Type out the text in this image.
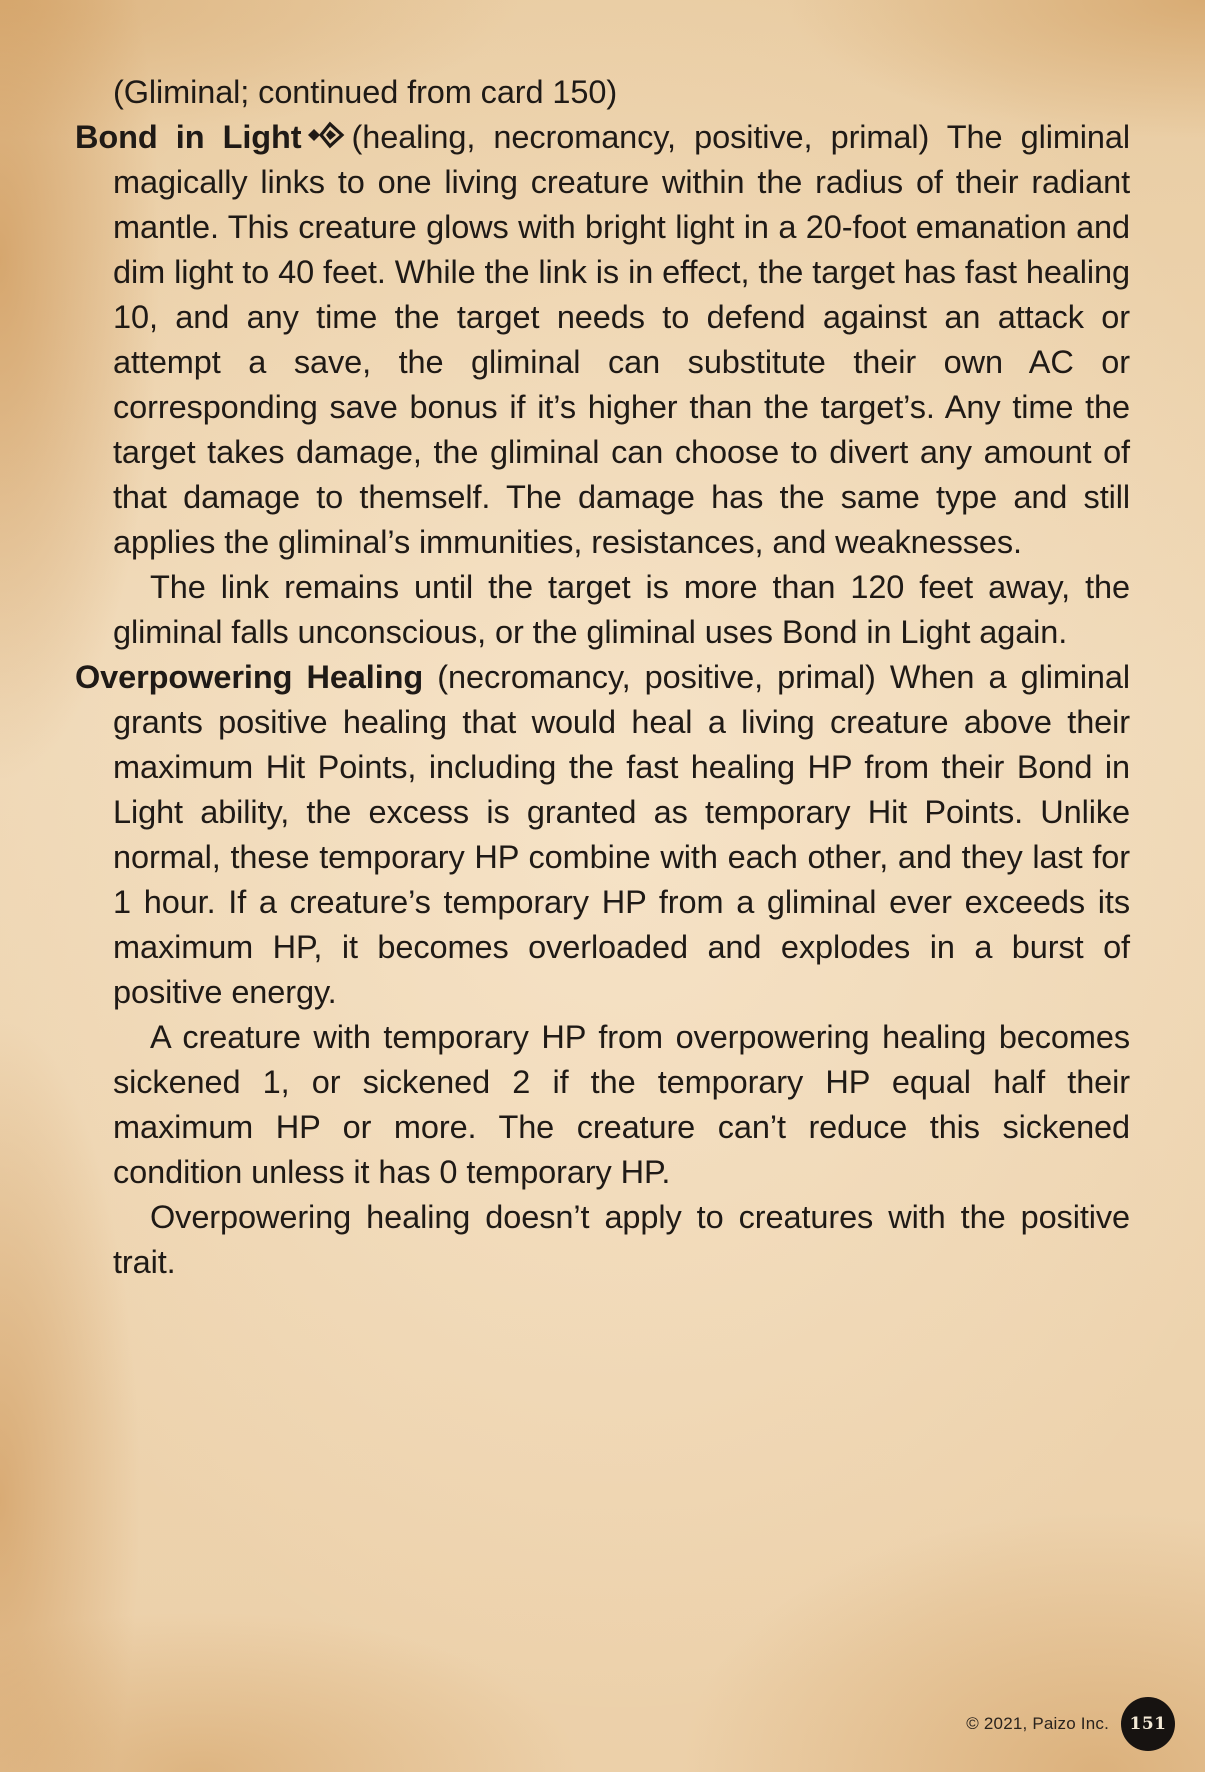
(Gliminal; continued from card 150)

Bond in Light (healing, necromancy, positive, primal) The gliminal magically links to one living creature within the radius of their radiant mantle. This creature glows with bright light in a 20-foot emanation and dim light to 40 feet. While the link is in effect, the target has fast healing 10, and any time the target needs to defend against an attack or attempt a save, the gliminal can substitute their own AC or corresponding save bonus if it’s higher than the target’s. Any time the target takes damage, the gliminal can choose to divert any amount of that damage to themself. The damage has the same type and still applies the gliminal’s immunities, resistances, and weaknesses.

The link remains until the target is more than 120 feet away, the gliminal falls unconscious, or the gliminal uses Bond in Light again.

Overpowering Healing (necromancy, positive, primal) When a gliminal grants positive healing that would heal a living creature above their maximum Hit Points, including the fast healing HP from their Bond in Light ability, the excess is granted as temporary Hit Points. Unlike normal, these temporary HP combine with each other, and they last for 1 hour. If a creature’s temporary HP from a gliminal ever exceeds its maximum HP, it becomes overloaded and explodes in a burst of positive energy.

A creature with temporary HP from overpowering healing becomes sickened 1, or sickened 2 if the temporary HP equal half their maximum HP or more. The creature can’t reduce this sickened condition unless it has 0 temporary HP.

Overpowering healing doesn’t apply to creatures with the positive trait.

© 2021, Paizo Inc.	151
